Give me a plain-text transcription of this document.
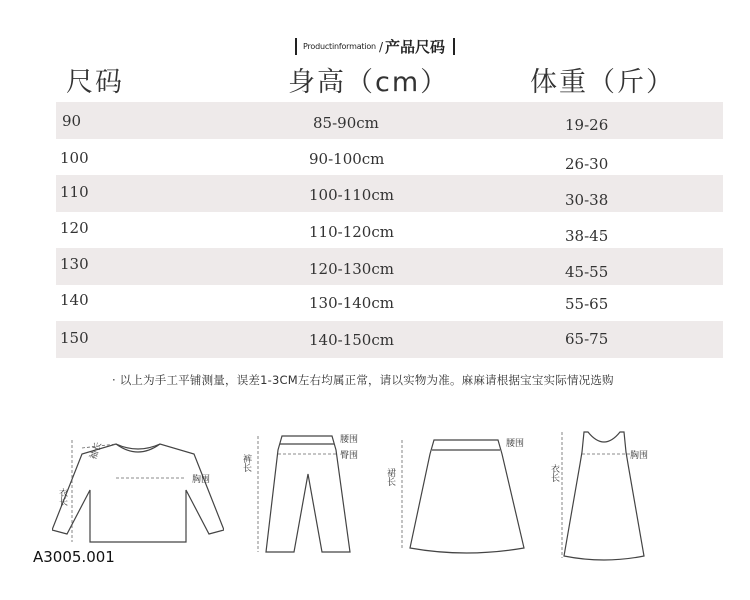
Productinformation / 产品尺码
尺码	身高（cm）	体重（斤）
90	85-90cm	19-26
100	90-100cm	26-30
110	100-110cm	30-38
120	110-120cm	38-45
130	120-130cm	45-55
140	130-140cm	55-65
150	140-150cm	65-75
· 以上为手工平铺测量，误差1-3CM左右均属正常，请以实物为准。麻麻请根据宝宝实际情况选购
袖长
衣长
胸围
腰围
臀围
裤长
腰围
裙长
胸围
衣长
A3005.001
